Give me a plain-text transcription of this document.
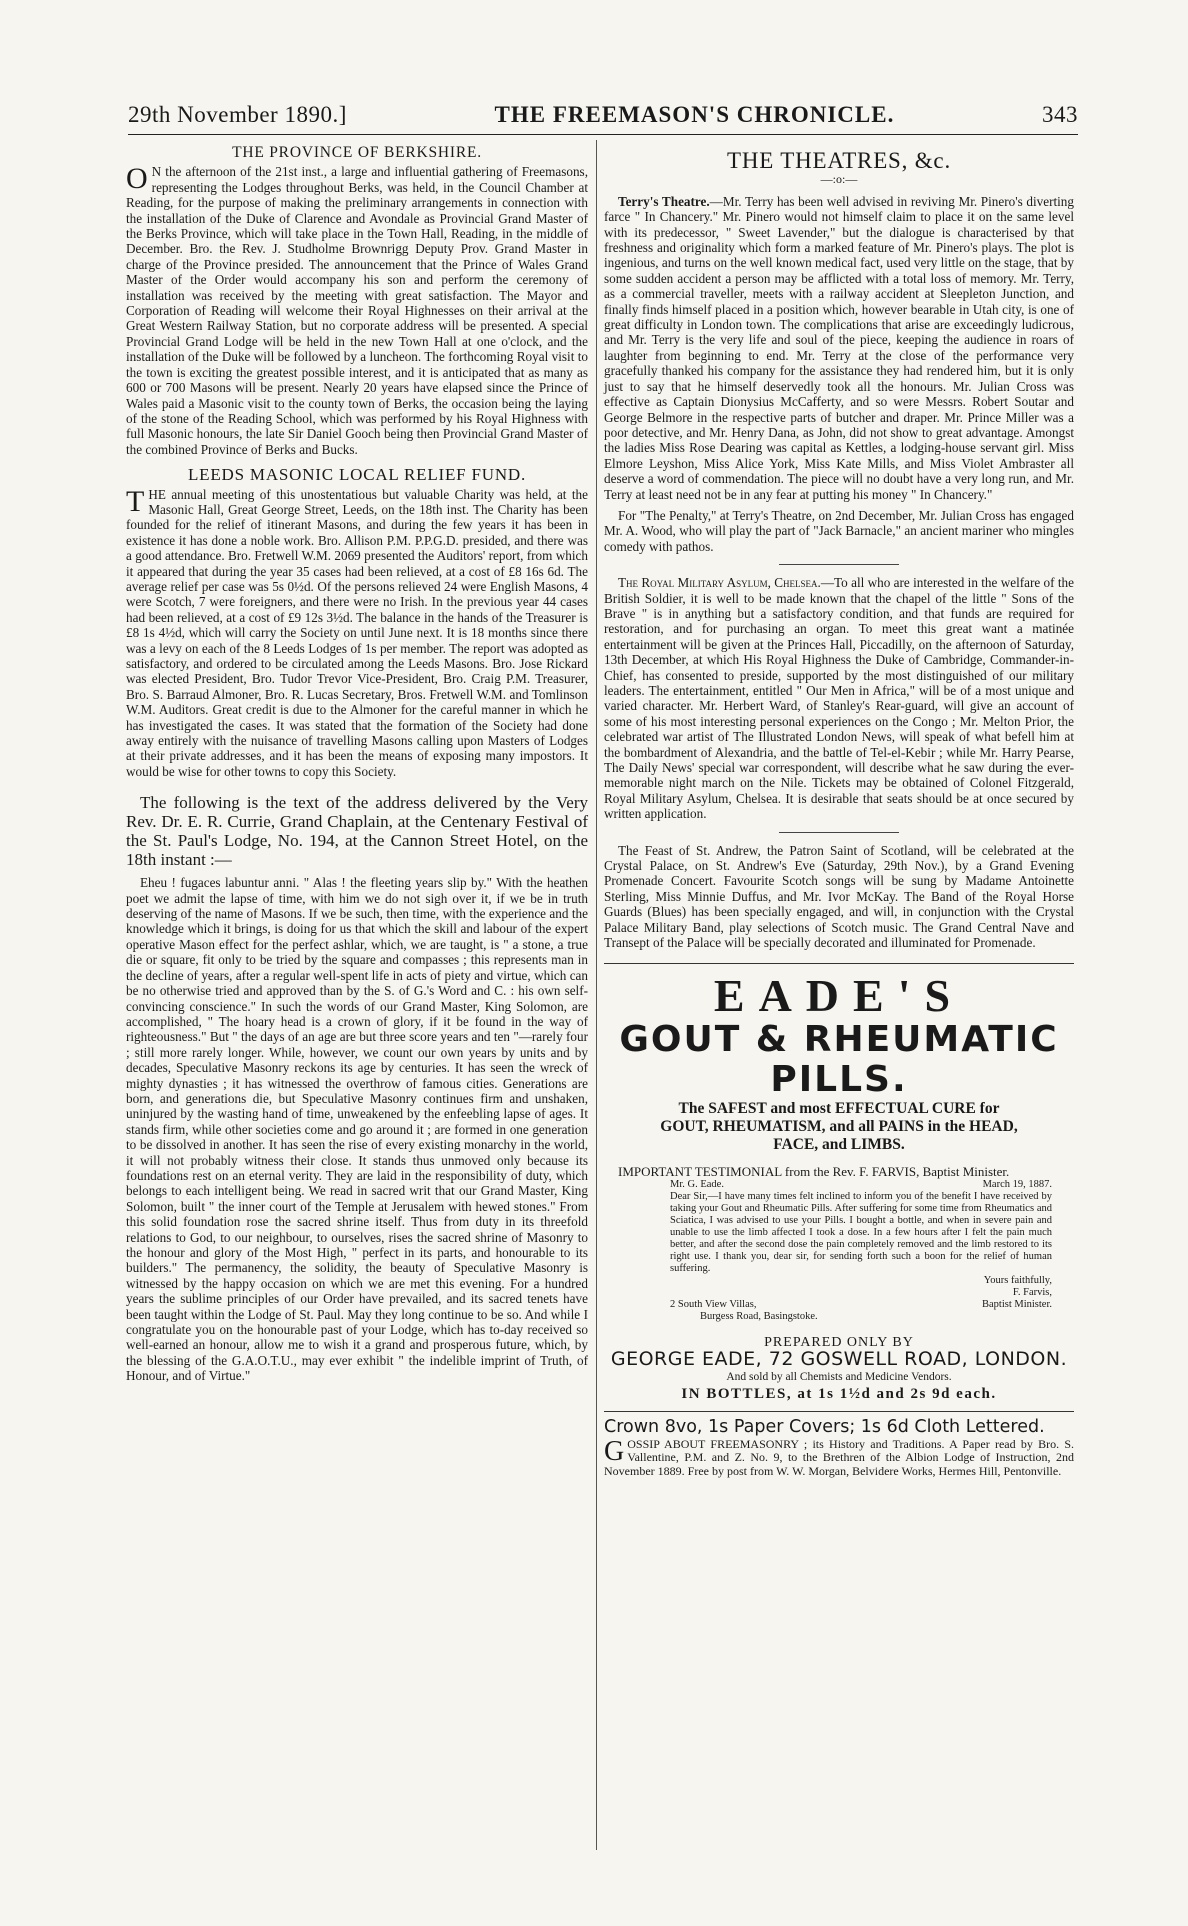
29th November 1890.]	THE FREEMASON'S CHRONICLE.	343
THE PROVINCE OF BERKSHIRE.

ON the afternoon of the 21st inst., a large and influential gathering of Freemasons, representing the Lodges throughout Berks, was held, in the Council Chamber at Reading, for the purpose of making the preliminary arrangements in connection with the installation of the Duke of Clarence and Avondale as Provincial Grand Master of the Berks Province, which will take place in the Town Hall, Reading, in the middle of December. Bro. the Rev. J. Studholme Brownrigg Deputy Prov. Grand Master in charge of the Province presided. The announcement that the Prince of Wales Grand Master of the Order would accompany his son and perform the ceremony of installation was received by the meeting with great satisfaction. The Mayor and Corporation of Reading will welcome their Royal Highnesses on their arrival at the Great Western Railway Station, but no corporate address will be presented. A special Provincial Grand Lodge will be held in the new Town Hall at one o'clock, and the installation of the Duke will be followed by a luncheon. The forthcoming Royal visit to the town is exciting the greatest possible interest, and it is anticipated that as many as 600 or 700 Masons will be present. Nearly 20 years have elapsed since the Prince of Wales paid a Masonic visit to the county town of Berks, the occasion being the laying of the stone of the Reading School, which was performed by his Royal Highness with full Masonic honours, the late Sir Daniel Gooch being then Provincial Grand Master of the combined Province of Berks and Bucks.

LEEDS MASONIC LOCAL RELIEF FUND.

THE annual meeting of this unostentatious but valuable Charity was held, at the Masonic Hall, Great George Street, Leeds, on the 18th inst. The Charity has been founded for the relief of itinerant Masons, and during the few years it has been in existence it has done a noble work. Bro. Allison P.M. P.P.G.D. presided, and there was a good attendance. Bro. Fretwell W.M. 2069 presented the Auditors' report, from which it appeared that during the year 35 cases had been relieved, at a cost of £8 16s 6d. The average relief per case was 5s 0½d. Of the persons relieved 24 were English Masons, 4 were Scotch, 7 were foreigners, and there were no Irish. In the previous year 44 cases had been relieved, at a cost of £9 12s 3½d. The balance in the hands of the Treasurer is £8 1s 4½d, which will carry the Society on until June next. It is 18 months since there was a levy on each of the 8 Leeds Lodges of 1s per member. The report was adopted as satisfactory, and ordered to be circulated among the Leeds Masons. Bro. Jose Rickard was elected President, Bro. Tudor Trevor Vice-President, Bro. Craig P.M. Treasurer, Bro. S. Barraud Almoner, Bro. R. Lucas Secretary, Bros. Fretwell W.M. and Tomlinson W.M. Auditors. Great credit is due to the Almoner for the careful manner in which he has investigated the cases. It was stated that the formation of the Society had done away entirely with the nuisance of travelling Masons calling upon Masters of Lodges at their private addresses, and it has been the means of exposing many impostors. It would be wise for other towns to copy this Society.

The following is the text of the address delivered by the Very Rev. Dr. E. R. Currie, Grand Chaplain, at the Centenary Festival of the St. Paul's Lodge, No. 194, at the Cannon Street Hotel, on the 18th instant :—

Eheu ! fugaces labuntur anni. " Alas ! the fleeting years slip by." With the heathen poet we admit the lapse of time, with him we do not sigh over it, if we be in truth deserving of the name of Masons. If we be such, then time, with the experience and the knowledge which it brings, is doing for us that which the skill and labour of the expert operative Mason effect for the perfect ashlar, which, we are taught, is " a stone, a true die or square, fit only to be tried by the square and compasses ; this represents man in the decline of years, after a regular well-spent life in acts of piety and virtue, which can be no otherwise tried and approved than by the S. of G.'s Word and C. : his own self-convincing conscience." In such the words of our Grand Master, King Solomon, are accomplished, " The hoary head is a crown of glory, if it be found in the way of righteousness." But " the days of an age are but three score years and ten "—rarely four ; still more rarely longer. While, however, we count our own years by units and by decades, Speculative Masonry reckons its age by centuries. It has seen the wreck of mighty dynasties ; it has witnessed the overthrow of famous cities. Generations are born, and generations die, but Speculative Masonry continues firm and unshaken, uninjured by the wasting hand of time, unweakened by the enfeebling lapse of ages. It stands firm, while other societies come and go around it ; are formed in one generation to be dissolved in another. It has seen the rise of every existing monarchy in the world, it will not probably witness their close. It stands thus unmoved only because its foundations rest on an eternal verity. They are laid in the responsibility of duty, which belongs to each intelligent being. We read in sacred writ that our Grand Master, King Solomon, built " the inner court of the Temple at Jerusalem with hewed stones." From this solid foundation rose the sacred shrine itself. Thus from duty in its threefold relations to God, to our neighbour, to ourselves, rises the sacred shrine of Masonry to the honour and glory of the Most High, " perfect in its parts, and honourable to its builders." The permanency, the solidity, the beauty of Speculative Masonry is witnessed by the happy occasion on which we are met this evening. For a hundred years the sublime principles of our Order have prevailed, and its sacred tenets have been taught within the Lodge of St. Paul. May they long continue to be so. And while I congratulate you on the honourable past of your Lodge, which has to-day received so well-earned an honour, allow me to wish it a grand and prosperous future, which, by the blessing of the G.A.O.T.U., may ever exhibit " the indelible imprint of Truth, of Honour, and of Virtue."

THE THEATRES, &c.
—:o:—

Terry's Theatre.—Mr. Terry has been well advised in reviving Mr. Pinero's diverting farce " In Chancery." Mr. Pinero would not himself claim to place it on the same level with its predecessor, " Sweet Lavender," but the dialogue is characterised by that freshness and originality which form a marked feature of Mr. Pinero's plays. The plot is ingenious, and turns on the well known medical fact, used very little on the stage, that by some sudden accident a person may be afflicted with a total loss of memory. Mr. Terry, as a commercial traveller, meets with a railway accident at Sleepleton Junction, and finally finds himself placed in a position which, however bearable in Utah city, is one of great difficulty in London town. The complications that arise are exceedingly ludicrous, and Mr. Terry is the very life and soul of the piece, keeping the audience in roars of laughter from beginning to end. Mr. Terry at the close of the performance very gracefully thanked his company for the assistance they had rendered him, but it is only just to say that he himself deservedly took all the honours. Mr. Julian Cross was effective as Captain Dionysius McCafferty, and so were Messrs. Robert Soutar and George Belmore in the respective parts of butcher and draper. Mr. Prince Miller was a poor detective, and Mr. Henry Dana, as John, did not show to great advantage. Amongst the ladies Miss Rose Dearing was capital as Kettles, a lodging-house servant girl. Miss Elmore Leyshon, Miss Alice York, Miss Kate Mills, and Miss Violet Ambraster all deserve a word of commendation. The piece will no doubt have a very long run, and Mr. Terry at least need not be in any fear at putting his money " In Chancery."

For "The Penalty," at Terry's Theatre, on 2nd December, Mr. Julian Cross has engaged Mr. A. Wood, who will play the part of "Jack Barnacle," an ancient mariner who mingles comedy with pathos.

The Royal Military Asylum, Chelsea.—To all who are interested in the welfare of the British Soldier, it is well to be made known that the chapel of the little " Sons of the Brave " is in anything but a satisfactory condition, and that funds are required for restoration, and for purchasing an organ. To meet this great want a matinée entertainment will be given at the Princes Hall, Piccadilly, on the afternoon of Saturday, 13th December, at which His Royal Highness the Duke of Cambridge, Commander-in-Chief, has consented to preside, supported by the most distinguished of our military leaders. The entertainment, entitled " Our Men in Africa," will be of a most unique and varied character. Mr. Herbert Ward, of Stanley's Rear-guard, will give an account of some of his most interesting personal experiences on the Congo ; Mr. Melton Prior, the celebrated war artist of The Illustrated London News, will speak of what befell him at the bombardment of Alexandria, and the battle of Tel-el-Kebir ; while Mr. Harry Pearse, The Daily News' special war correspondent, will describe what he saw during the ever-memorable night march on the Nile. Tickets may be obtained of Colonel Fitzgerald, Royal Military Asylum, Chelsea. It is desirable that seats should be at once secured by written application.

The Feast of St. Andrew, the Patron Saint of Scotland, will be celebrated at the Crystal Palace, on St. Andrew's Eve (Saturday, 29th Nov.), by a Grand Evening Promenade Concert. Favourite Scotch songs will be sung by Madame Antoinette Sterling, Miss Minnie Duffus, and Mr. Ivor McKay. The Band of the Royal Horse Guards (Blues) has been specially engaged, and will, in conjunction with the Crystal Palace Military Band, play selections of Scotch music. The Grand Central Nave and Transept of the Palace will be specially decorated and illuminated for Promenade.

EADE'S
GOUT & RHEUMATIC PILLS.
The SAFEST and most EFFECTUAL CURE for
GOUT, RHEUMATISM, and all PAINS in the HEAD,
FACE, and LIMBS.

IMPORTANT TESTIMONIAL from the Rev. F. FARVIS, Baptist Minister.

Mr. G. Eade.	March 19, 1887.
Dear Sir,—I have many times felt inclined to inform you of the benefit I have received by taking your Gout and Rheumatic Pills. After suffering for some time from Rheumatics and Sciatica, I was advised to use your Pills. I bought a bottle, and when in severe pain and unable to use the limb affected I took a dose. In a few hours after I felt the pain much better, and after the second dose the pain completely removed and the limb restored to its right use. I thank you, dear sir, for sending forth such a boon for the relief of human suffering.
Yours faithfully,
F. Farvis,
2 South View Villas,	Baptist Minister.
Burgess Road, Basingstoke.
PREPARED ONLY BY
GEORGE EADE, 72 GOSWELL ROAD, LONDON.
And sold by all Chemists and Medicine Vendors.
IN BOTTLES, at 1s 1½d and 2s 9d each.
Crown 8vo, 1s Paper Covers; 1s 6d Cloth Lettered.

GOSSIP ABOUT FREEMASONRY ; its History and Traditions. A Paper read by Bro. S. Vallentine, P.M. and Z. No. 9, to the Brethren of the Albion Lodge of Instruction, 2nd November 1889. Free by post from W. W. Morgan, Belvidere Works, Hermes Hill, Pentonville.
